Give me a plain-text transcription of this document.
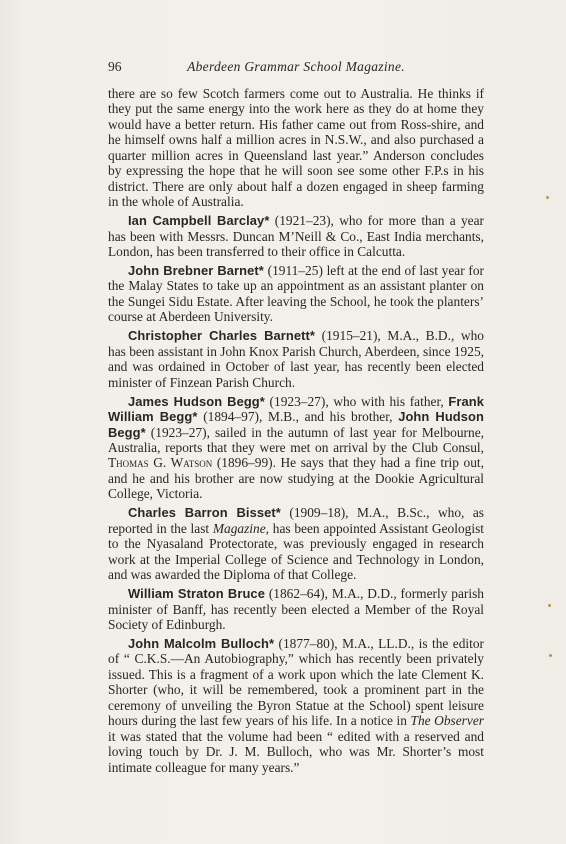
96	Aberdeen Grammar School Magazine.

there are so few Scotch farmers come out to Australia. He thinks if they put the same energy into the work here as they do at home they would have a better return. His father came out from Ross-shire, and he himself owns half a million acres in N.S.W., and also purchased a quarter million acres in Queensland last year.” Anderson concludes by expressing the hope that he will soon see some other F.P.s in his district. There are only about half a dozen engaged in sheep farming in the whole of Australia.

Ian Campbell Barclay* (1921–23), who for more than a year has been with Messrs. Duncan M’Neill & Co., East India merchants, London, has been transferred to their office in Calcutta.

John Brebner Barnet* (1911–25) left at the end of last year for the Malay States to take up an appointment as an assistant planter on the Sungei Sidu Estate. After leaving the School, he took the planters’ course at Aberdeen University.

Christopher Charles Barnett* (1915–21), M.A., B.D., who has been assistant in John Knox Parish Church, Aberdeen, since 1925, and was ordained in October of last year, has recently been elected minister of Finzean Parish Church.

James Hudson Begg* (1923–27), who with his father, Frank William Begg* (1894–97), M.B., and his brother, John Hudson Begg* (1923–27), sailed in the autumn of last year for Melbourne, Australia, reports that they were met on arrival by the Club Consul, Thomas G. Watson (1896–99). He says that they had a fine trip out, and he and his brother are now studying at the Dookie Agricultural College, Victoria.

Charles Barron Bisset* (1909–18), M.A., B.Sc., who, as reported in the last Magazine, has been appointed Assistant Geologist to the Nyasaland Protectorate, was previously engaged in research work at the Imperial College of Science and Technology in London, and was awarded the Diploma of that College.

William Straton Bruce (1862–64), M.A., D.D., formerly parish minister of Banff, has recently been elected a Member of the Royal Society of Edinburgh.

John Malcolm Bulloch* (1877–80), M.A., LL.D., is the editor of “ C.K.S.—An Autobiography,” which has recently been privately issued. This is a fragment of a work upon which the late Clement K. Shorter (who, it will be remembered, took a prominent part in the ceremony of unveiling the Byron Statue at the School) spent leisure hours during the last few years of his life. In a notice in The Observer it was stated that the volume had been “ edited with a reserved and loving touch by Dr. J. M. Bulloch, who was Mr. Shorter’s most intimate colleague for many years.”
